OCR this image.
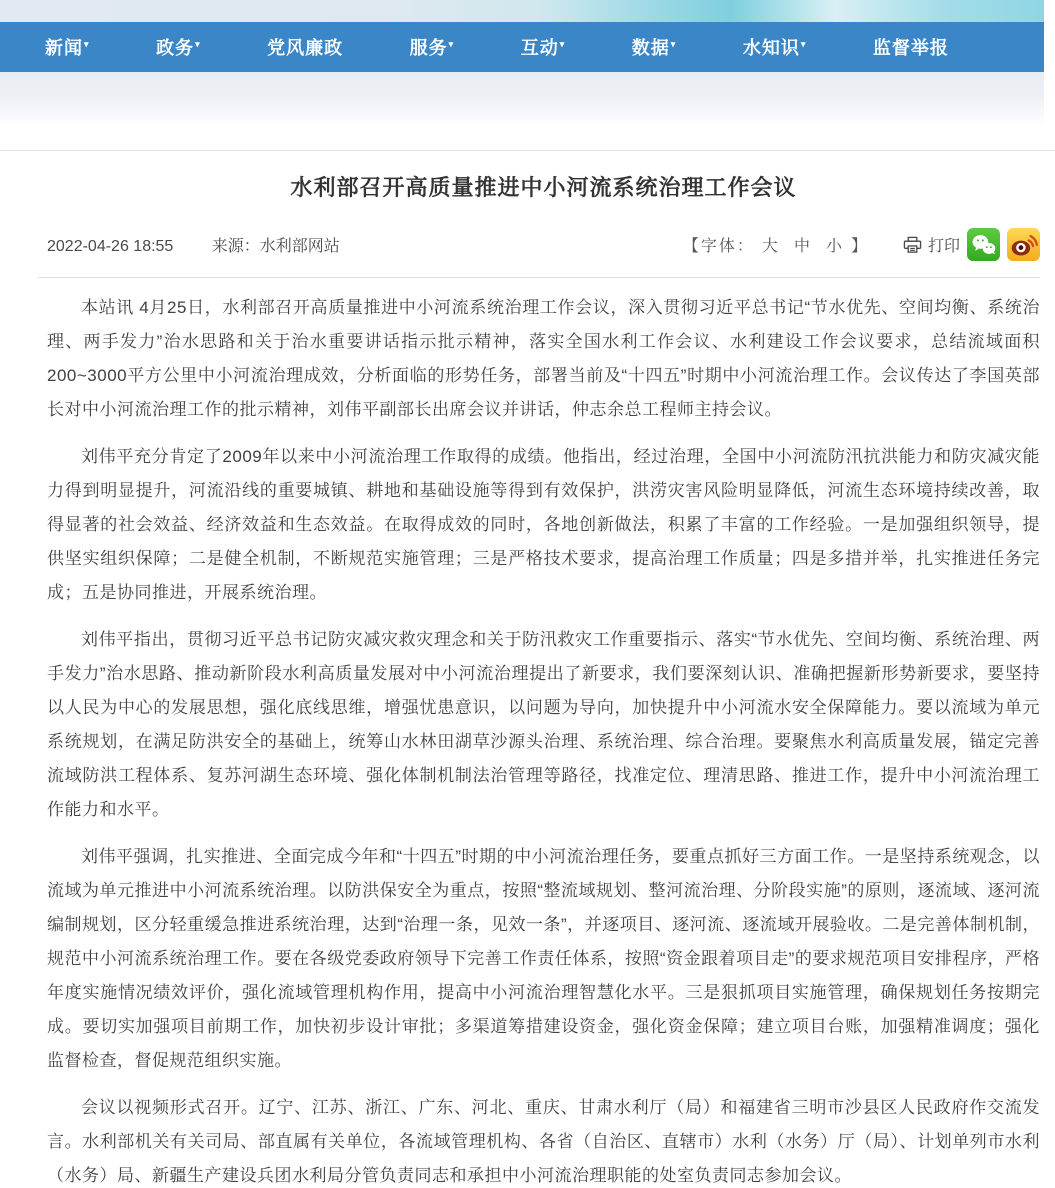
新闻▾	政务▾	党风廉政	服务▾	互动▾	数据▾	水知识▾	监督举报
水利部召开高质量推进中小河流系统治理工作会议
2022-04-26 18:55 来源：水利部网站	【字体： 大 中 小 】	打印

本站讯 4月25日，水利部召开高质量推进中小河流系统治理工作会议，深入贯彻习近平总书记“节水优先、空间均衡、系统治理、两手发力”治水思路和关于治水重要讲话指示批示精神，落实全国水利工作会议、水利建设工作会议要求，总结流域面积200~3000平方公里中小河流治理成效，分析面临的形势任务，部署当前及“十四五”时期中小河流治理工作。会议传达了李国英部长对中小河流治理工作的批示精神，刘伟平副部长出席会议并讲话，仲志余总工程师主持会议。

刘伟平充分肯定了2009年以来中小河流治理工作取得的成绩。他指出，经过治理，全国中小河流防汛抗洪能力和防灾减灾能力得到明显提升，河流沿线的重要城镇、耕地和基础设施等得到有效保护，洪涝灾害风险明显降低，河流生态环境持续改善，取得显著的社会效益、经济效益和生态效益。在取得成效的同时，各地创新做法，积累了丰富的工作经验。一是加强组织领导，提供坚实组织保障；二是健全机制，不断规范实施管理；三是严格技术要求，提高治理工作质量；四是多措并举，扎实推进任务完成；五是协同推进，开展系统治理。

刘伟平指出，贯彻习近平总书记防灾减灾救灾理念和关于防汛救灾工作重要指示、落实“节水优先、空间均衡、系统治理、两手发力”治水思路、推动新阶段水利高质量发展对中小河流治理提出了新要求，我们要深刻认识、准确把握新形势新要求，要坚持以人民为中心的发展思想，强化底线思维，增强忧患意识，以问题为导向，加快提升中小河流水安全保障能力。要以流域为单元系统规划，在满足防洪安全的基础上，统筹山水林田湖草沙源头治理、系统治理、综合治理。要聚焦水利高质量发展，锚定完善流域防洪工程体系、复苏河湖生态环境、强化体制机制法治管理等路径，找准定位、理清思路、推进工作，提升中小河流治理工作能力和水平。

刘伟平强调，扎实推进、全面完成今年和“十四五”时期的中小河流治理任务，要重点抓好三方面工作。一是坚持系统观念，以流域为单元推进中小河流系统治理。以防洪保安全为重点，按照“整流域规划、整河流治理、分阶段实施”的原则，逐流域、逐河流编制规划，区分轻重缓急推进系统治理，达到“治理一条，见效一条”，并逐项目、逐河流、逐流域开展验收。二是完善体制机制，规范中小河流系统治理工作。要在各级党委政府领导下完善工作责任体系，按照“资金跟着项目走”的要求规范项目安排程序，严格年度实施情况绩效评价，强化流域管理机构作用，提高中小河流治理智慧化水平。三是狠抓项目实施管理，确保规划任务按期完成。要切实加强项目前期工作，加快初步设计审批；多渠道筹措建设资金，强化资金保障；建立项目台账，加强精准调度；强化监督检查，督促规范组织实施。

会议以视频形式召开。辽宁、江苏、浙江、广东、河北、重庆、甘肃水利厅（局）和福建省三明市沙县区人民政府作交流发言。水利部机关有关司局、部直属有关单位，各流域管理机构、各省（自治区、直辖市）水利（水务）厅（局）、计划单列市水利（水务）局、新疆生产建设兵团水利局分管负责同志和承担中小河流治理职能的处室负责同志参加会议。
